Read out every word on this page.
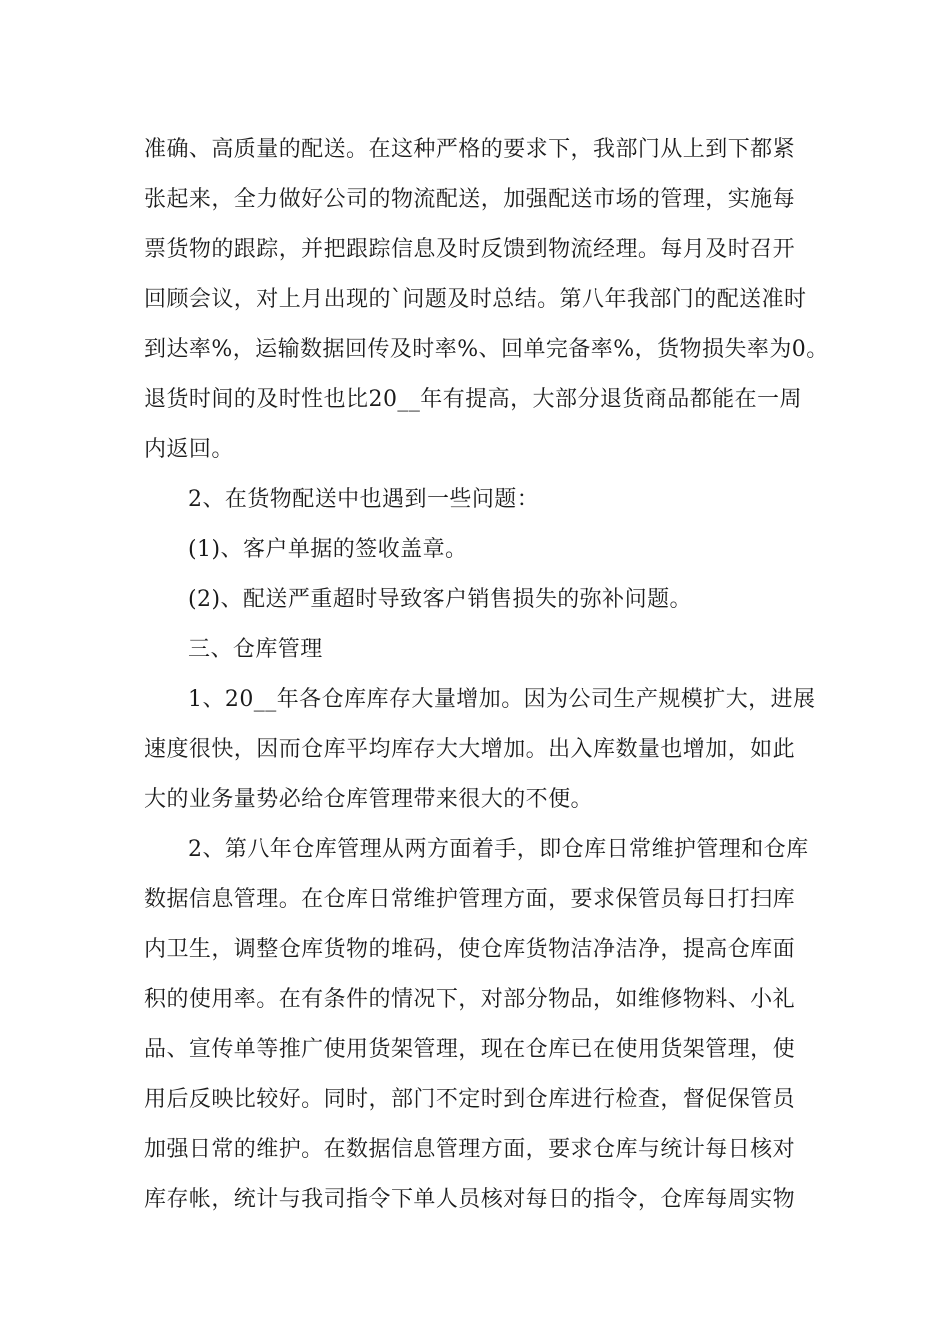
准确、高质量的配送。在这种严格的要求下，我部门从上到下都紧
张起来，全力做好公司的物流配送，加强配送市场的管理，实施每
票货物的跟踪，并把跟踪信息及时反馈到物流经理。每月及时召开
回顾会议，对上月出现的`问题及时总结。第八年我部门的配送准时
到达率%，运输数据回传及时率%、回单完备率%，货物损失率为0。
退货时间的及时性也比20__年有提高，大部分退货商品都能在一周
内返回。
2、在货物配送中也遇到一些问题：
(1)、客户单据的签收盖章。
(2)、配送严重超时导致客户销售损失的弥补问题。
三、仓库管理
1、20__年各仓库库存大量增加。因为公司生产规模扩大，进展
速度很快，因而仓库平均库存大大增加。出入库数量也增加，如此
大的业务量势必给仓库管理带来很大的不便。
2、第八年仓库管理从两方面着手，即仓库日常维护管理和仓库
数据信息管理。在仓库日常维护管理方面，要求保管员每日打扫库
内卫生，调整仓库货物的堆码，使仓库货物洁净洁净，提高仓库面
积的使用率。在有条件的情况下，对部分物品，如维修物料、小礼
品、宣传单等推广使用货架管理，现在仓库已在使用货架管理，使
用后反映比较好。同时，部门不定时到仓库进行检查，督促保管员
加强日常的维护。在数据信息管理方面，要求仓库与统计每日核对
库存帐，统计与我司指令下单人员核对每日的指令，仓库每周实物
